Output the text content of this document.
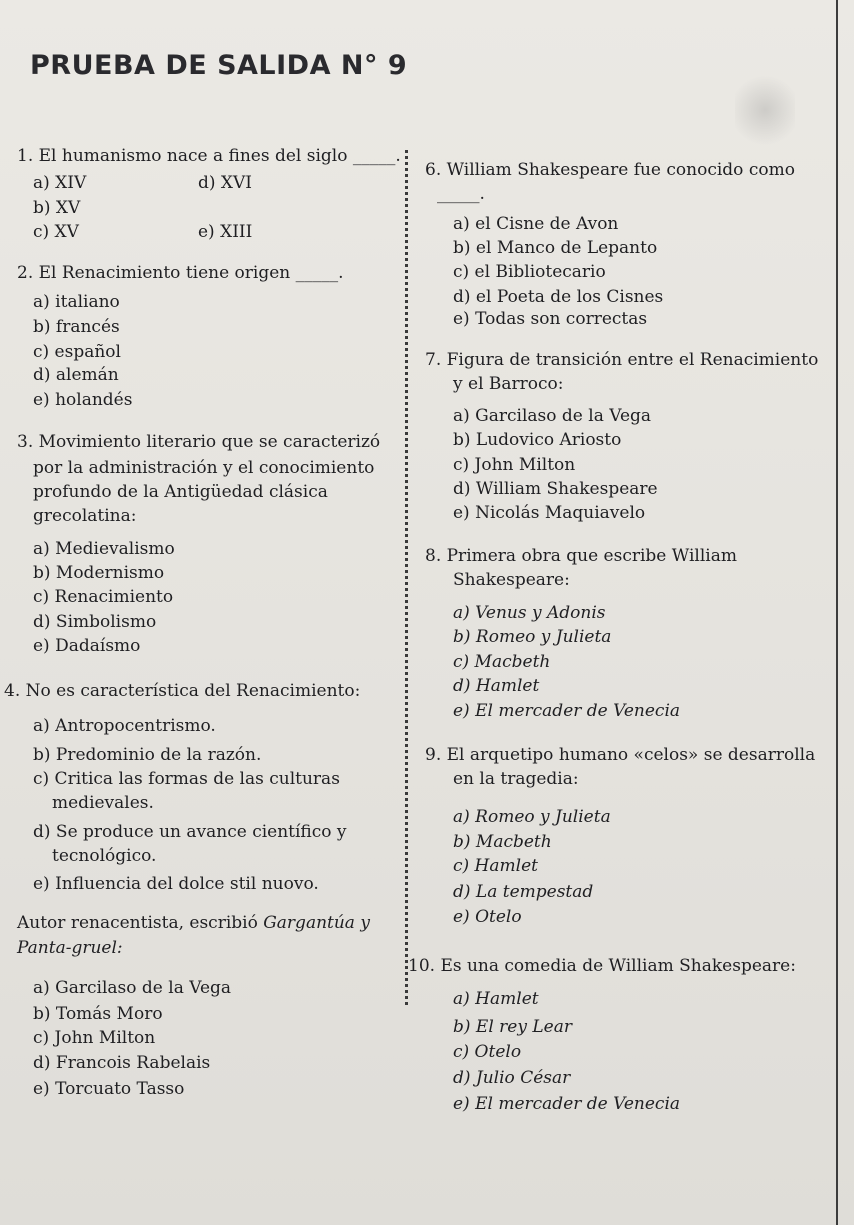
PRUEBA DE SALIDA N° 9
1. El humanismo nace a fines del siglo _____.
a) XIV	d) XVI
b) XV
c) XV	e) XIII
2. El Renacimiento tiene origen _____.
a) italiano
b) francés
c) español
d) alemán
e) holandés
3. Movimiento literario que se caracterizó
por la administración y el conocimiento
profundo de la Antigüedad clásica
grecolatina:
a) Medievalismo
b) Modernismo
c) Renacimiento
d) Simbolismo
e) Dadaísmo
4. No es característica del Renacimiento:
a) Antropocentrismo.
b) Predominio de la razón.
c) Critica las formas de las culturas
medievales.
d) Se produce un avance científico y
tecnológico.
e) Influencia del dolce stil nuovo.
Autor renacentista, escribió Gargantúa y
Panta-gruel:
a) Garcilaso de la Vega
b) Tomás Moro
c) John Milton
d) Francois Rabelais
e) Torcuato Tasso
6. William Shakespeare fue conocido como
_____.
a) el Cisne de Avon
b) el Manco de Lepanto
c) el Bibliotecario
d) el Poeta de los Cisnes
e) Todas son correctas
7. Figura de transición entre el Renacimiento
y el Barroco:
a) Garcilaso de la Vega
b) Ludovico Ariosto
c) John Milton
d) William Shakespeare
e) Nicolás Maquiavelo
8. Primera obra que escribe William
Shakespeare:
a) Venus y Adonis
b) Romeo y Julieta
c) Macbeth
d) Hamlet
e) El mercader de Venecia
9. El arquetipo humano «celos» se desarrolla
en la tragedia:
a) Romeo y Julieta
b) Macbeth
c) Hamlet
d) La tempestad
e) Otelo
10. Es una comedia de William Shakespeare:
a) Hamlet
b) El rey Lear
c) Otelo
d) Julio César
e) El mercader de Venecia
